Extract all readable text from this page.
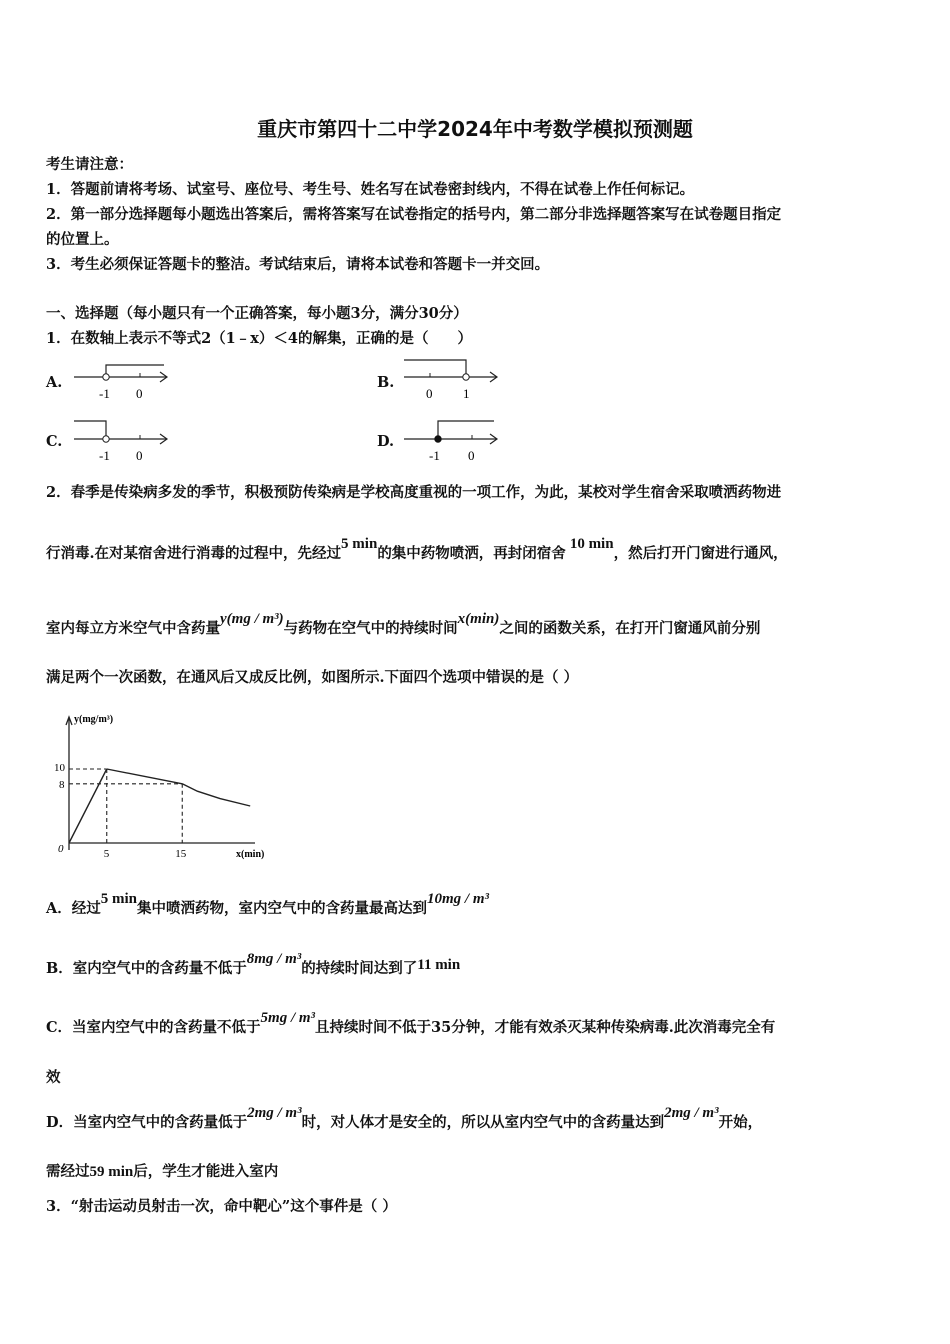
重庆市第四十二中学2024年中考数学模拟预测题
考生请注意：
1．答题前请将考场、试室号、座位号、考生号、姓名写在试卷密封线内，不得在试卷上作任何标记。
2．第一部分选择题每小题选出答案后，需将答案写在试卷指定的括号内，第二部分非选择题答案写在试卷题目指定
的位置上。
3．考生必须保证答题卡的整洁。考试结束后，请将本试卷和答题卡一并交回。
一、选择题（每小题只有一个正确答案，每小题3分，满分30分）
1．在数轴上表示不等式2（1﹣x）＜4的解集，正确的是（　　）
A.
-1 0
B.
0 1
C.
-1 0
D.
-1 0
2．春季是传染病多发的季节，积极预防传染病是学校高度重视的一项工作，为此，某校对学生宿舍采取喷洒药物进
行消毒.在对某宿舍进行消毒的过程中，先经过5 min的集中药物喷洒，再封闭宿舍10 min，然后打开门窗进行通风，
室内每立方米空气中含药量y(mg / m³)与药物在空气中的持续时间x(min)之间的函数关系，在打开门窗通风前分别
满足两个一次函数，在通风后又成反比例，如图所示.下面四个选项中错误的是（ ）
y(mg/m³)
x(min)
0	5	15
10
8
A．经过5 min集中喷洒药物，室内空气中的含药量最高达到10mg / m³
B．室内空气中的含药量不低于8mg / m³的持续时间达到了11 min
C．当室内空气中的含药量不低于5mg / m³且持续时间不低于35分钟，才能有效杀灭某种传染病毒.此次消毒完全有
效
D．当室内空气中的含药量低于2mg / m³时，对人体才是安全的，所以从室内空气中的含药量达到2mg / m³开始，
需经过59 min后，学生才能进入室内
3．“射击运动员射击一次，命中靶心”这个事件是（ ）
